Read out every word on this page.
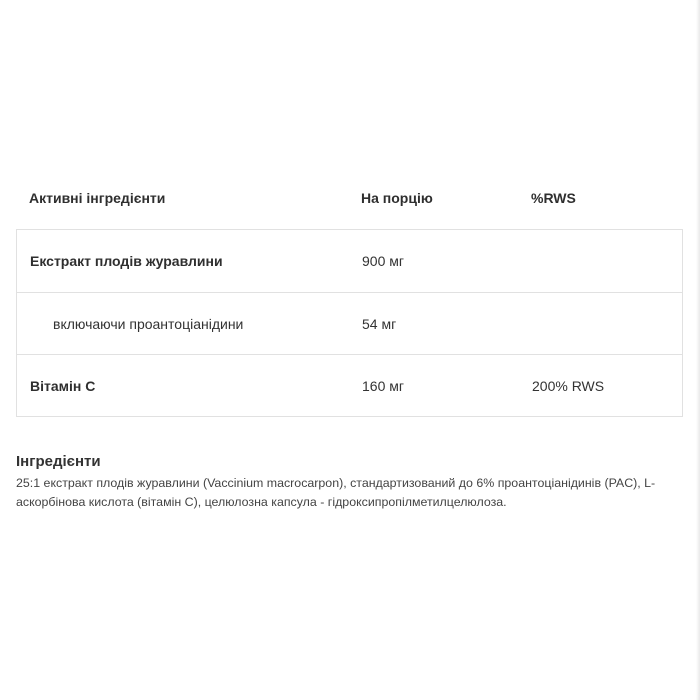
Активні інгредієнти	На порцію	%RWS
Екстракт плодів журавлини	900 мг
включаючи проантоціанідини	54 мг
Вітамін С	160 мг	200% RWS
Інгредієнти
25:1 екстракт плодів журавлини (Vaccinium macrocarpon), стандартизований до 6% проантоціанідинів (PAC), L-аскорбінова кислота (вітамін С), целюлозна капсула - гідроксипропілметилцелюлоза.
